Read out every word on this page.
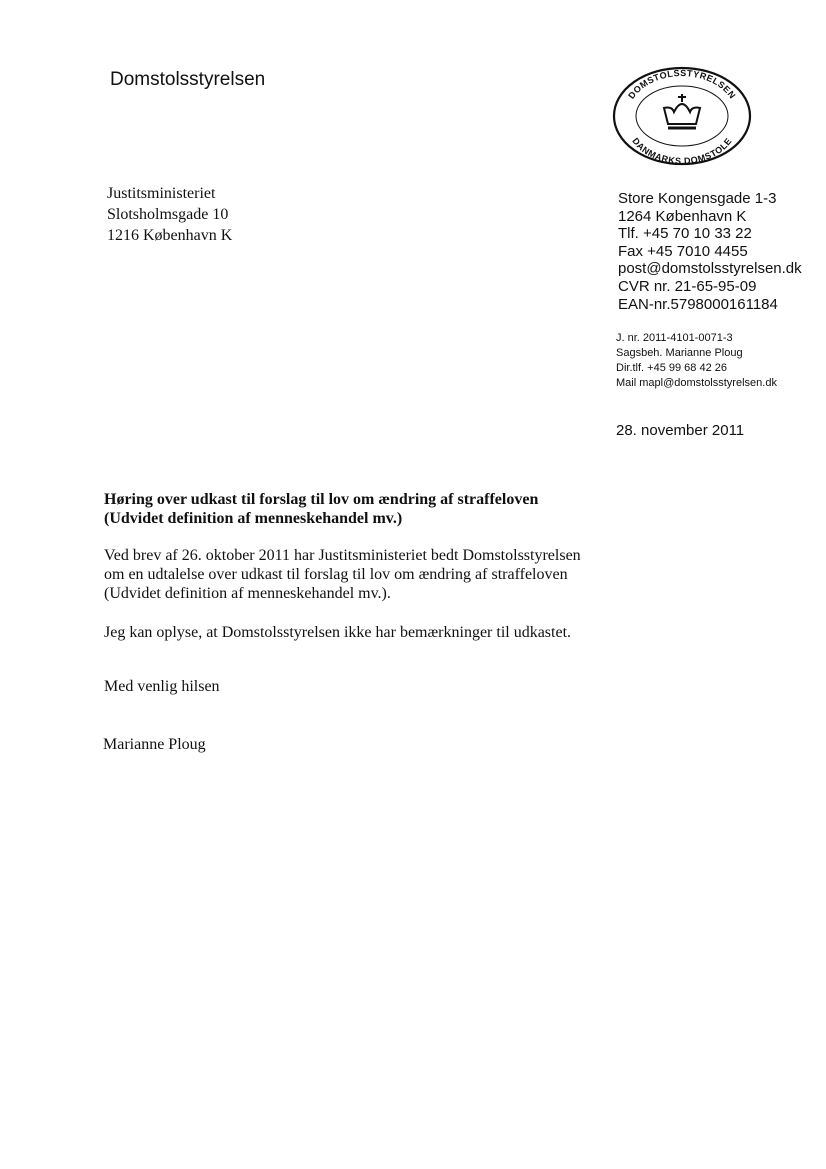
Domstolsstyrelsen
DOMSTOLSSTYRELSEN
DANMARKS DOMSTOLE
Justitsministeriet
Slotsholmsgade 10
1216 København K
Store Kongensgade 1-3
1264 København K
Tlf. +45 70 10 33 22
Fax +45 7010 4455
post@domstolsstyrelsen.dk
CVR nr. 21-65-95-09
EAN-nr.5798000161184
J. nr. 2011-4101-0071-3
Sagsbeh. Marianne Ploug
Dir.tlf. +45 99 68 42 26
Mail mapl@domstolsstyrelsen.dk
28. november 2011
Høring over udkast til forslag til lov om ændring af straffeloven
(Udvidet definition af menneskehandel mv.)
Ved brev af 26. oktober 2011 har Justitsministeriet bedt Domstolsstyrelsen
om en udtalelse over udkast til forslag til lov om ændring af straffeloven
(Udvidet definition af menneskehandel mv.).
Jeg kan oplyse, at Domstolsstyrelsen ikke har bemærkninger til udkastet.
Med venlig hilsen
Marianne Ploug
